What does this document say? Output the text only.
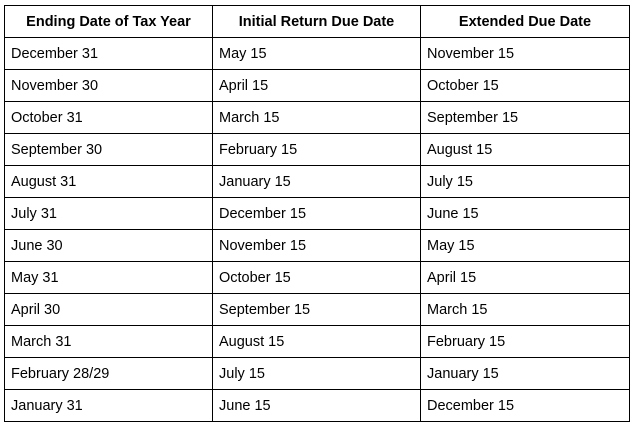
Ending Date of Tax Year	Initial Return Due Date	Extended Due Date
December 31	May 15	November 15
November 30	April 15	October 15
October 31	March 15	September 15
September 30	February 15	August 15
August 31	January 15	July 15
July 31	December 15	June 15
June 30	November 15	May 15
May 31	October 15	April 15
April 30	September 15	March 15
March 31	August 15	February 15
February 28/29	July 15	January 15
January 31	June 15	December 15
